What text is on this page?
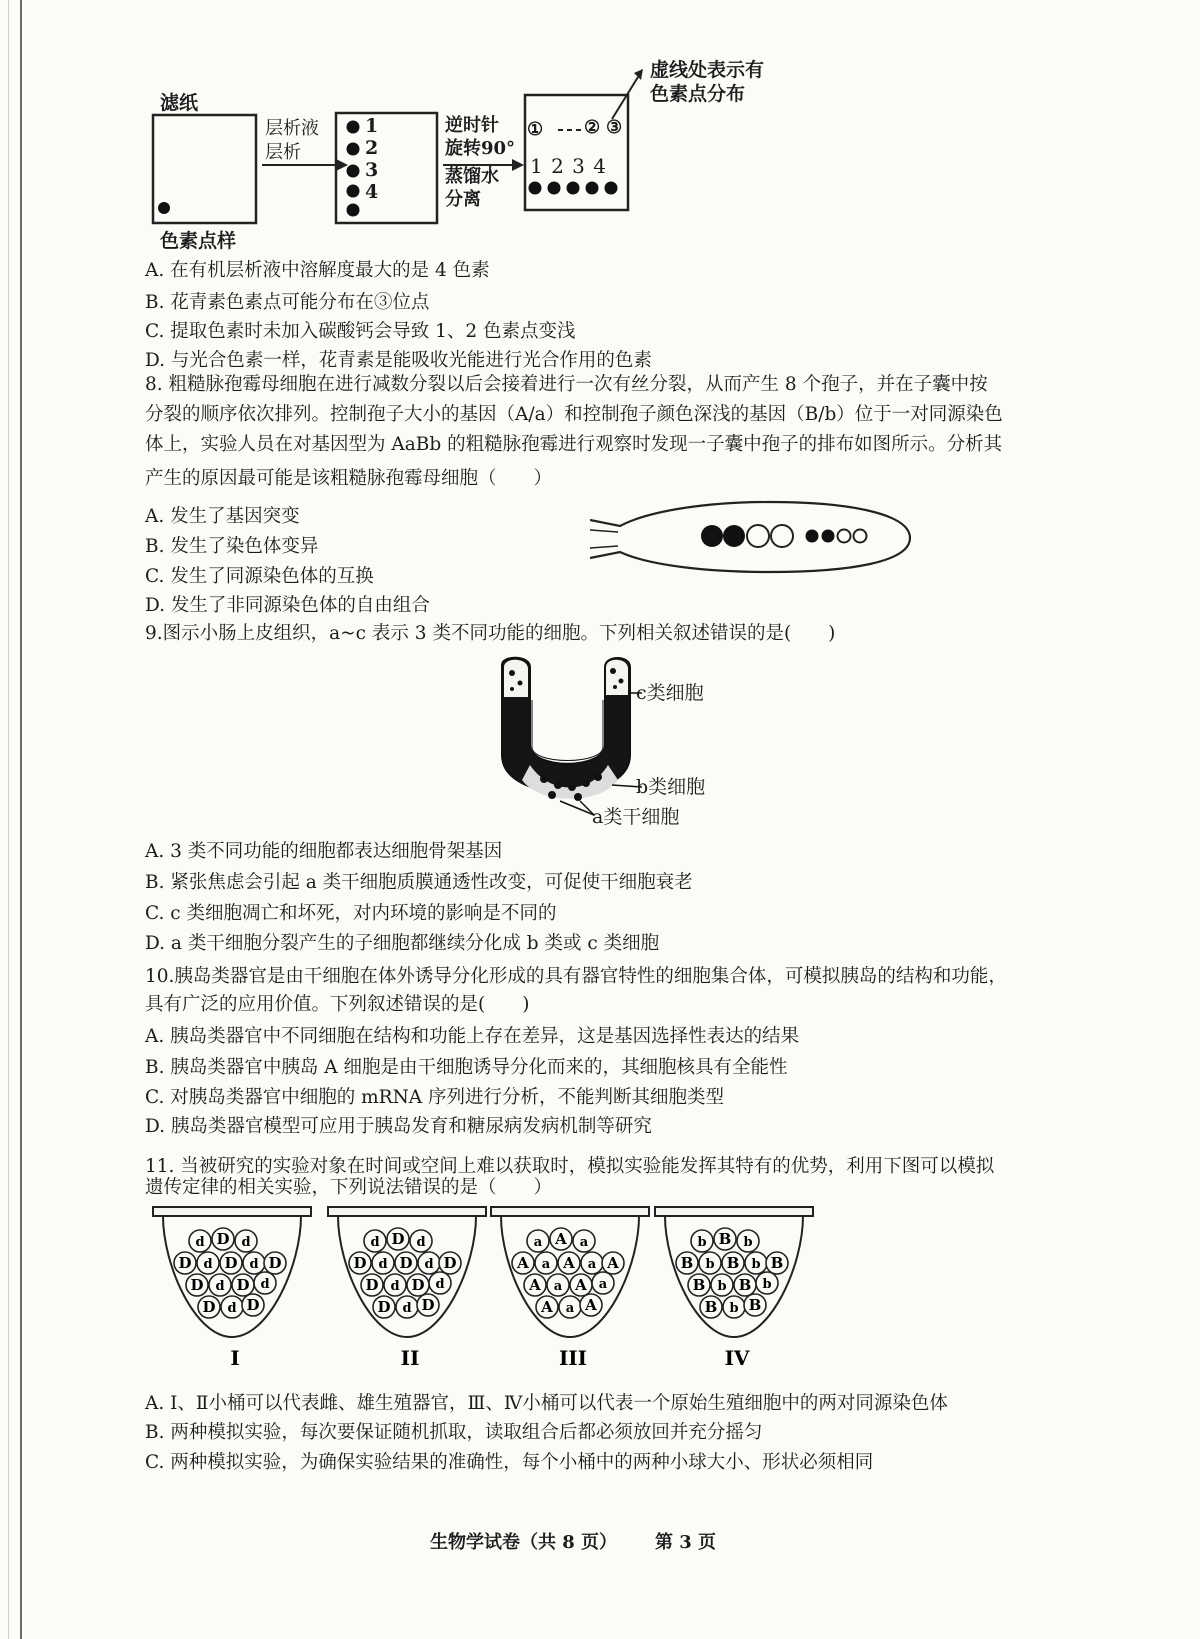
滤纸
色素点样
层析液
层析
1
2
3
4
逆时针
旋转90°
蒸馏水
分离
① ② ③
1 2 3 4
虚线处表示有
色素点分布
A. 在有机层析液中溶解度最大的是 4 色素
B. 花青素色素点可能分布在③位点
C. 提取色素时未加入碳酸钙会导致 1、2 色素点变浅
D. 与光合色素一样，花青素是能吸收光能进行光合作用的色素
8. 粗糙脉孢霉母细胞在进行减数分裂以后会接着进行一次有丝分裂，从而产生 8 个孢子，并在子囊中按
分裂的顺序依次排列。控制孢子大小的基因（A/a）和控制孢子颜色深浅的基因（B/b）位于一对同源染色
体上，实验人员在对基因型为 AaBb 的粗糙脉孢霉进行观察时发现一子囊中孢子的排布如图所示。分析其
产生的原因最可能是该粗糙脉孢霉母细胞（　　）
A. 发生了基因突变
B. 发生了染色体变异
C. 发生了同源染色体的互换
D. 发生了非同源染色体的自由组合
9.图示小肠上皮组织，a~c 表示 3 类不同功能的细胞。下列相关叙述错误的是(　　)
c类细胞
b类细胞
a类干细胞
A. 3 类不同功能的细胞都表达细胞骨架基因
B. 紧张焦虑会引起 a 类干细胞质膜通透性改变，可促使干细胞衰老
C. c 类细胞凋亡和坏死，对内环境的影响是不同的
D. a 类干细胞分裂产生的子细胞都继续分化成 b 类或 c 类细胞
10.胰岛类器官是由干细胞在体外诱导分化形成的具有器官特性的细胞集合体，可模拟胰岛的结构和功能，
具有广泛的应用价值。下列叙述错误的是(　　)
A. 胰岛类器官中不同细胞在结构和功能上存在差异，这是基因选择性表达的结果
B. 胰岛类器官中胰岛 A 细胞是由干细胞诱导分化而来的，其细胞核具有全能性
C. 对胰岛类器官中细胞的 mRNA 序列进行分析，不能判断其细胞类型
D. 胰岛类器官模型可应用于胰岛发育和糖尿病发病机制等研究
11. 当被研究的实验对象在时间或空间上难以获取时，模拟实验能发挥其特有的优势，利用下图可以模拟
遗传定律的相关实验，下列说法错误的是（　　）
d D d
D d D d D
D d D d
D d D
I
d D d
D d D d D
D d D d
D d D
II
a A a
A a A a A
A a A a
A a A
III
b B b
B b B b B
B b B b
B b B
IV
A. Ⅰ、Ⅱ小桶可以代表雌、雄生殖器官，Ⅲ、Ⅳ小桶可以代表一个原始生殖细胞中的两对同源染色体
B. 两种模拟实验，每次要保证随机抓取，读取组合后都必须放回并充分摇匀
C. 两种模拟实验，为确保实验结果的准确性，每个小桶中的两种小球大小、形状必须相同
生物学试卷（共 8 页） 第 3 页
